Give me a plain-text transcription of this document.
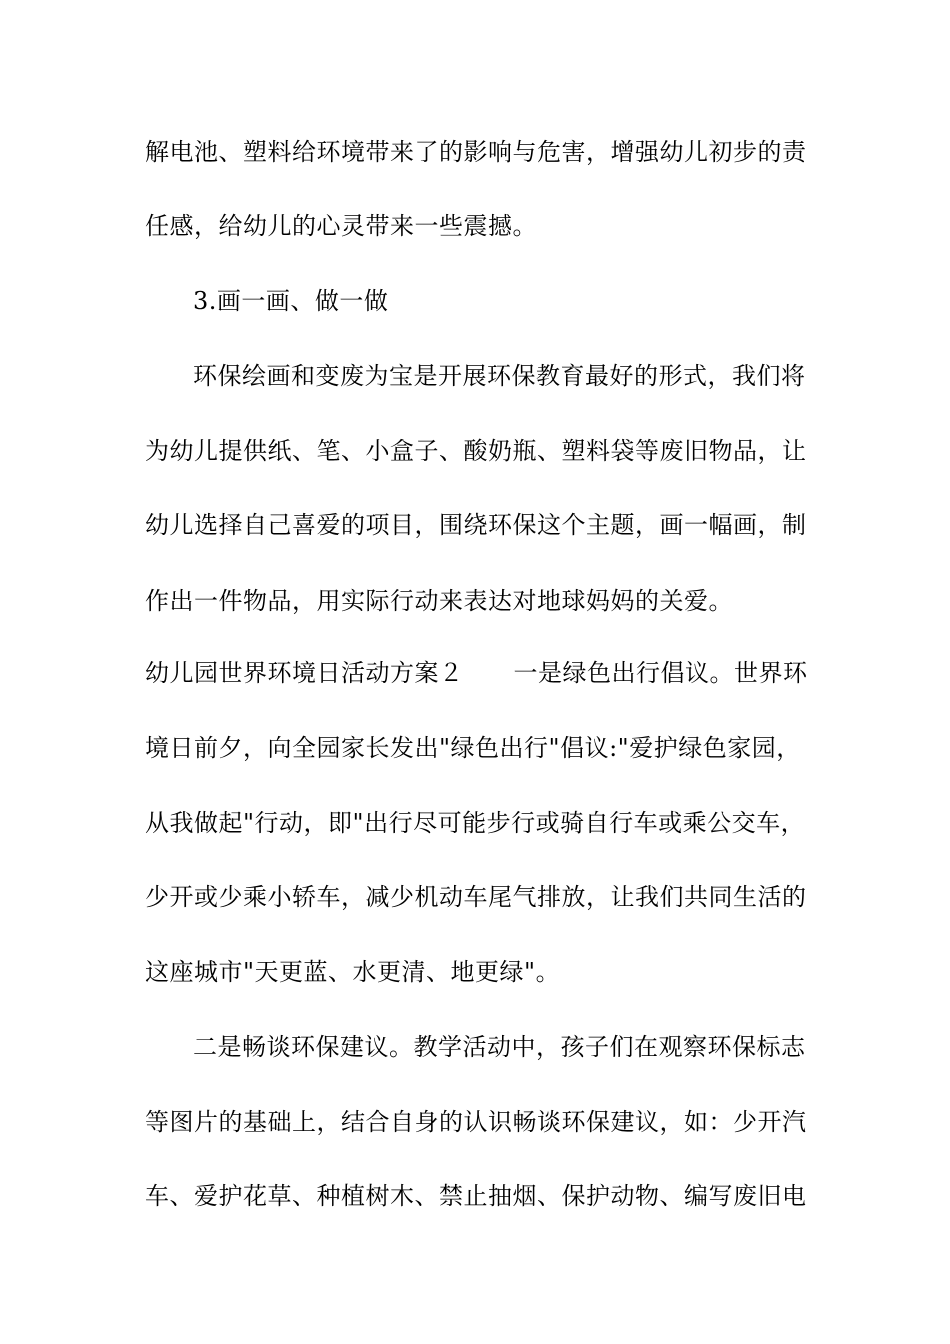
解电池、塑料给环境带来了的影响与危害，增强幼儿初步的责
任感，给幼儿的心灵带来一些震撼。
3.画一画、做一做
环保绘画和变废为宝是开展环保教育最好的形式，我们将
为幼儿提供纸、笔、小盒子、酸奶瓶、塑料袋等废旧物品，让
幼儿选择自己喜爱的项目，围绕环保这个主题，画一幅画，制
作出一件物品，用实际行动来表达对地球妈妈的关爱。
幼儿园世界环境日活动方案２ 一是绿色出行倡议。世界环
境日前夕，向全园家长发出"绿色出行"倡议:"爱护绿色家园，
从我做起"行动，即"出行尽可能步行或骑自行车或乘公交车，
少开或少乘小轿车，减少机动车尾气排放，让我们共同生活的
这座城市"天更蓝、水更清、地更绿"。
二是畅谈环保建议。教学活动中，孩子们在观察环保标志
等图片的基础上，结合自身的认识畅谈环保建议，如：少开汽
车、爱护花草、种植树木、禁止抽烟、保护动物、编写废旧电
